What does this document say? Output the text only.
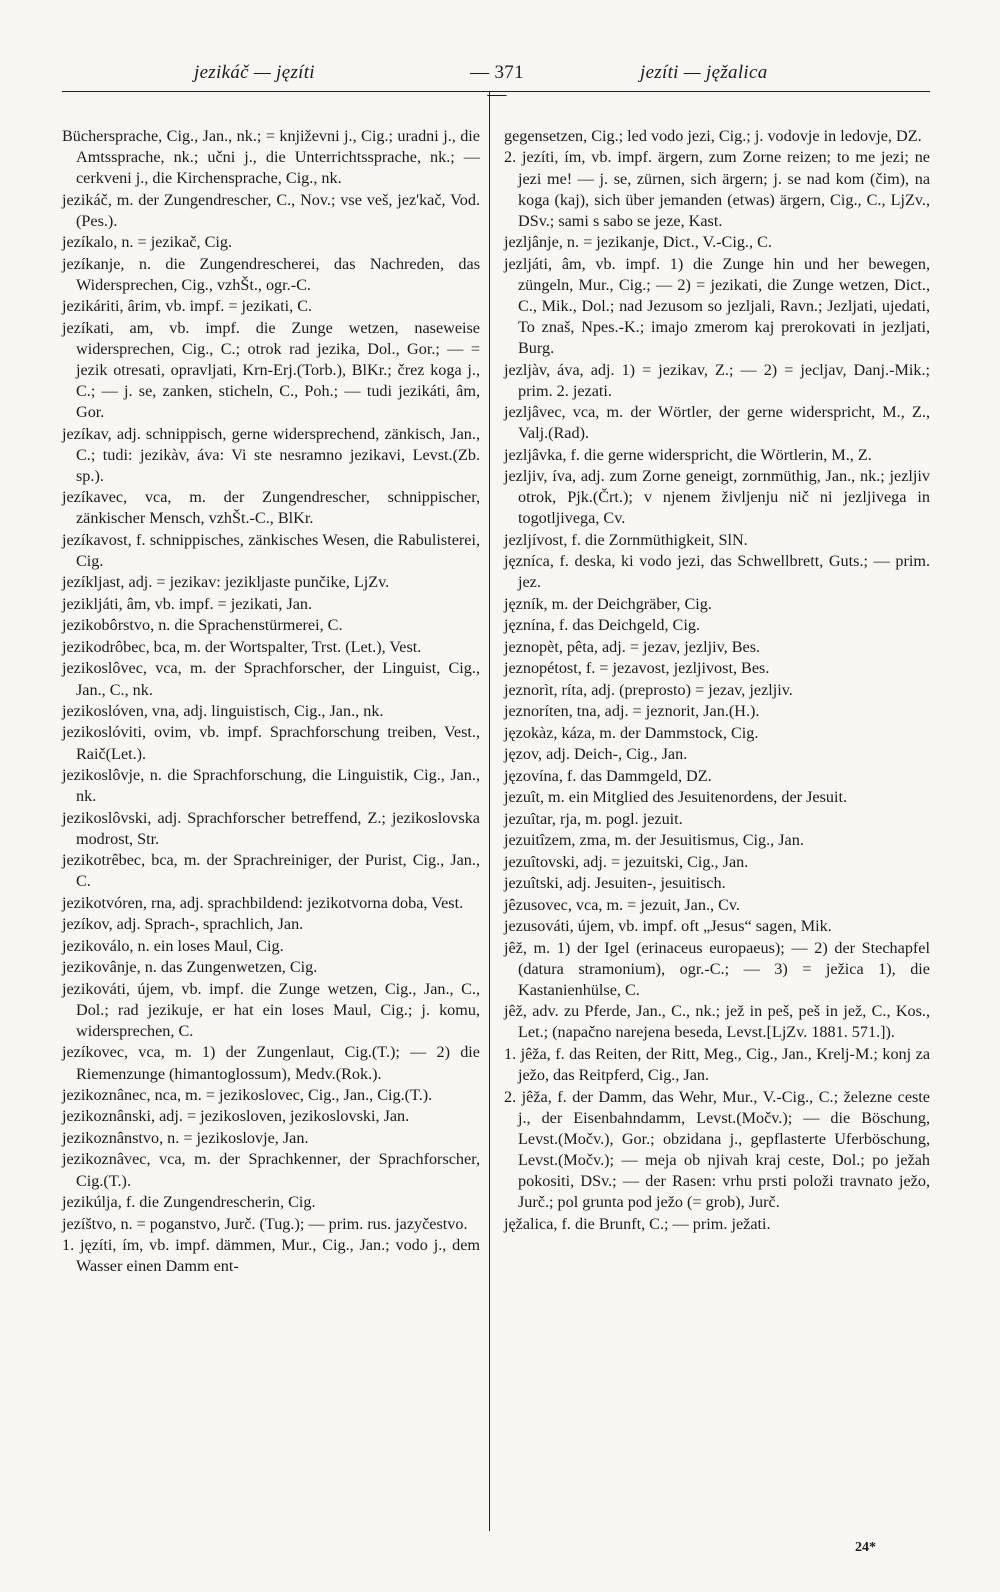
jezikáč — jęzíti	— 371 —
jezíti — jęžalica

Büchersprache, Cig., Jan., nk.; = književni j., Cig.; uradni j., die Amtssprache, nk.; učni j., die Unterrichtssprache, nk.; — cerkveni j., die Kirchensprache, Cig., nk.

jezikáč, m. der Zungendrescher, C., Nov.; vse veš, jez'kač, Vod.(Pes.).

jezíkalo, n. = jezikač, Cig.

jezíkanje, n. die Zungendrescherei, das Nachreden, das Widersprechen, Cig., vzhŠt., ogr.-C.

jezikáriti, ârim, vb. impf. = jezikati, C.

jezíkati, am, vb. impf. die Zunge wetzen, naseweise widersprechen, Cig., C.; otrok rad jezika, Dol., Gor.; — = jezik otresati, opravljati, Krn-Erj.(Torb.), BlKr.; črez koga j., C.; — j. se, zanken, sticheln, C., Poh.; — tudi jezikáti, âm, Gor.

jezíkav, adj. schnippisch, gerne widersprechend, zänkisch, Jan., C.; tudi: jezikàv, áva: Vi ste nesramno jezikavi, Levst.(Zb. sp.).

jezíkavec, vca, m. der Zungendrescher, schnippischer, zänkischer Mensch, vzhŠt.-C., BlKr.

jezíkavost, f. schnippisches, zänkisches Wesen, die Rabulisterei, Cig.

jezíkljast, adj. = jezikav: jezikljaste punčike, LjZv.

jezikljáti, âm, vb. impf. = jezikati, Jan.

jezikobôrstvo, n. die Sprachenstürmerei, C.

jezikodrôbec, bca, m. der Wortspalter, Trst. (Let.), Vest.

jezikoslôvec, vca, m. der Sprachforscher, der Linguist, Cig., Jan., C., nk.

jezikoslóven, vna, adj. linguistisch, Cig., Jan., nk.

jezikoslóviti, ovim, vb. impf. Sprachforschung treiben, Vest., Raič(Let.).

jezikoslôvje, n. die Sprachforschung, die Linguistik, Cig., Jan., nk.

jezikoslôvski, adj. Sprachforscher betreffend, Z.; jezikoslovska modrost, Str.

jezikotrêbec, bca, m. der Sprachreiniger, der Purist, Cig., Jan., C.

jezikotvóren, rna, adj. sprachbildend: jezikotvorna doba, Vest.

jezíkov, adj. Sprach-, sprachlich, Jan.

jezikoválo, n. ein loses Maul, Cig.

jezikovânje, n. das Zungenwetzen, Cig.

jezikováti, újem, vb. impf. die Zunge wetzen, Cig., Jan., C., Dol.; rad jezikuje, er hat ein loses Maul, Cig.; j. komu, widersprechen, C.

jezíkovec, vca, m. 1) der Zungenlaut, Cig.(T.); — 2) die Riemenzunge (himantoglossum), Medv.(Rok.).

jezikoznânec, nca, m. = jezikoslovec, Cig., Jan., Cig.(T.).

jezikoznânski, adj. = jezikosloven, jezikoslovski, Jan.

jezikoznânstvo, n. = jezikoslovje, Jan.

jezikoznâvec, vca, m. der Sprachkenner, der Sprachforscher, Cig.(T.).

jezikúlja, f. die Zungendrescherin, Cig.

jezíštvo, n. = poganstvo, Jurč. (Tug.); — prim. rus. jazyčestvo.

1. jęzíti, ím, vb. impf. dämmen, Mur., Cig., Jan.; vodo j., dem Wasser einen Damm ent-

gegensetzen, Cig.; led vodo jezi, Cig.; j. vodovje in ledovje, DZ.

2. jezíti, ím, vb. impf. ärgern, zum Zorne reizen; to me jezi; ne jezi me! — j. se, zürnen, sich ärgern; j. se nad kom (čim), na koga (kaj), sich über jemanden (etwas) ärgern, Cig., C., LjZv., DSv.; sami s sabo se jeze, Kast.

jezljânje, n. = jezikanje, Dict., V.-Cig., C.

jezljáti, âm, vb. impf. 1) die Zunge hin und her bewegen, züngeln, Mur., Cig.; — 2) = jezikati, die Zunge wetzen, Dict., C., Mik., Dol.; nad Jezusom so jezljali, Ravn.; Jezljati, ujedati, To znaš, Npes.-K.; imajo zmerom kaj prerokovati in jezljati, Burg.

jezljàv, áva, adj. 1) = jezikav, Z.; — 2) = jecljav, Danj.-Mik.; prim. 2. jezati.

jezljâvec, vca, m. der Wörtler, der gerne widerspricht, M., Z., Valj.(Rad).

jezljâvka, f. die gerne widerspricht, die Wörtlerin, M., Z.

jezljiv, íva, adj. zum Zorne geneigt, zornmüthig, Jan., nk.; jezljiv otrok, Pjk.(Črt.); v njenem življenju nič ni jezljivega in togotljivega, Cv.

jezljívost, f. die Zornmüthigkeit, SlN.

jęzníca, f. deska, ki vodo jezi, das Schwellbrett, Guts.; — prim. jez.

jęzník, m. der Deichgräber, Cig.

jęznína, f. das Deichgeld, Cig.

jeznopèt, pêta, adj. = jezav, jezljiv, Bes.

jeznopétost, f. = jezavost, jezljivost, Bes.

jeznorìt, ríta, adj. (preprosto) = jezav, jezljiv.

jeznoríten, tna, adj. = jeznorit, Jan.(H.).

jęzokàz, káza, m. der Dammstock, Cig.

jęzov, adj. Deich-, Cig., Jan.

jęzovína, f. das Dammgeld, DZ.

jezuît, m. ein Mitglied des Jesuitenordens, der Jesuit.

jezuîtar, rja, m. pogl. jezuit.

jezuitîzem, zma, m. der Jesuitismus, Cig., Jan.

jezuîtovski, adj. = jezuitski, Cig., Jan.

jezuîtski, adj. Jesuiten-, jesuitisch.

jêzusovec, vca, m. = jezuit, Jan., Cv.

jezusováti, újem, vb. impf. oft „Jesus“ sagen, Mik.

jêž, m. 1) der Igel (erinaceus europaeus); — 2) der Stechapfel (datura stramonium), ogr.-C.; — 3) = ježica 1), die Kastanienhülse, C.

jêž, adv. zu Pferde, Jan., C., nk.; jež in peš, peš in jež, C., Kos., Let.; (napačno narejena beseda, Levst.[LjZv. 1881. 571.]).

1. jêža, f. das Reiten, der Ritt, Meg., Cig., Jan., Krelj-M.; konj za ježo, das Reitpferd, Cig., Jan.

2. jêža, f. der Damm, das Wehr, Mur., V.-Cig., C.; železne ceste j., der Eisenbahndamm, Levst.(Močv.); — die Böschung, Levst.(Močv.), Gor.; obzidana j., gepflasterte Uferböschung, Levst.(Močv.); — meja ob njivah kraj ceste, Dol.; po ježah pokositi, DSv.; — der Rasen: vrhu prsti položi travnato ježo, Jurč.; pol grunta pod ježo (= grob), Jurč.

jęžalica, f. die Brunft, C.; — prim. ježati.

24*
